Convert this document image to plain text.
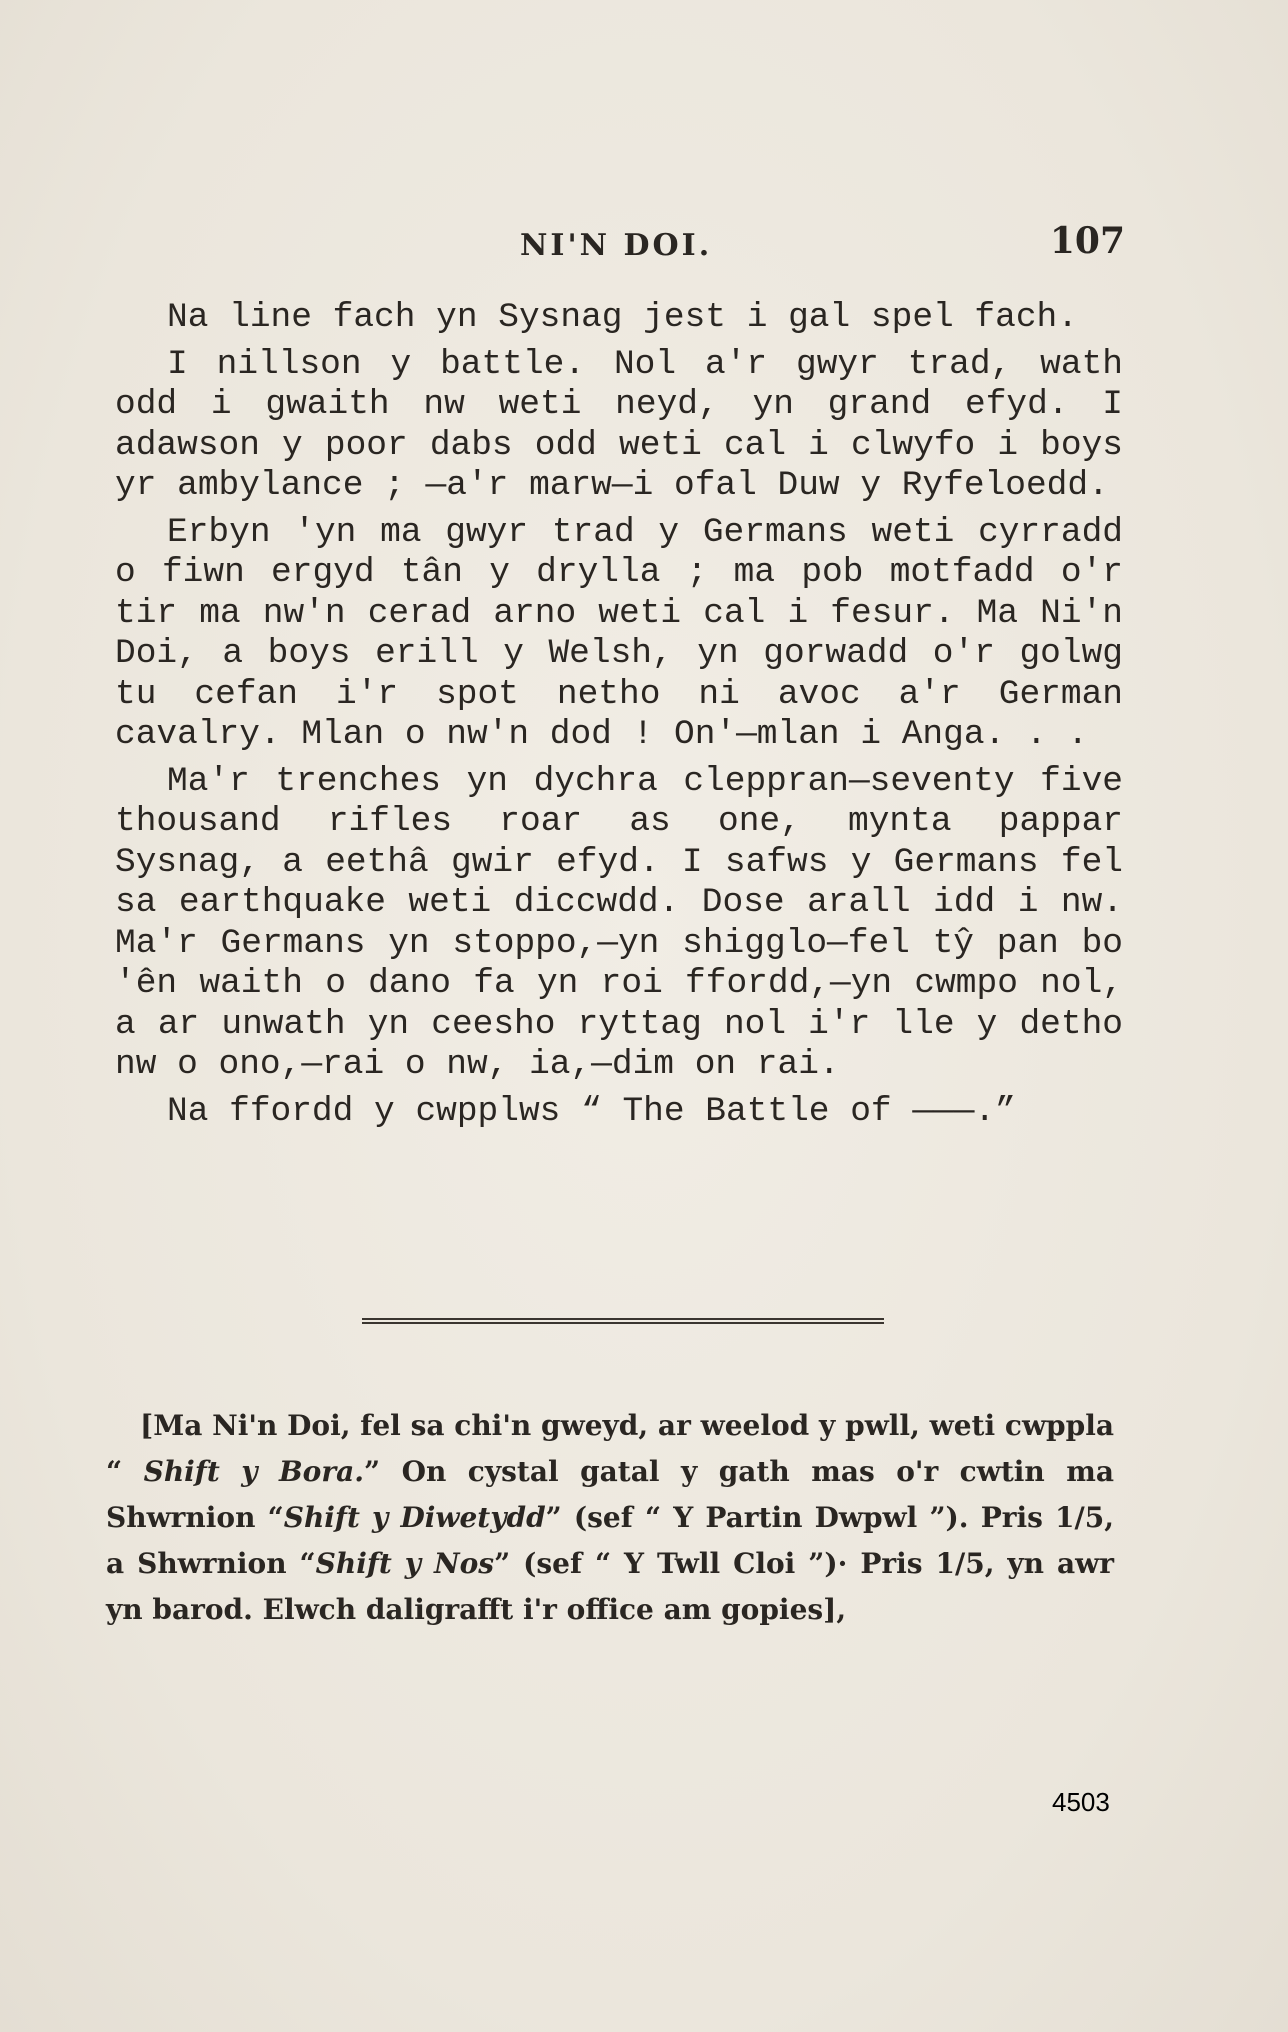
NI'N DOI.	107

Na line fach yn Sysnag jest i gal spel fach.

I nillson y battle. Nol a'r gwyr trad, wath odd i gwaith nw weti neyd, yn grand efyd. I adawson y poor dabs odd weti cal i clwyfo i boys yr ambylance ; —a'r marw—i ofal Duw y Ryfeloedd.

Erbyn 'yn ma gwyr trad y Germans weti cyrradd o fiwn ergyd tân y drylla ; ma pob motfadd o'r tir ma nw'n cerad arno weti cal i fesur. Ma Ni'n Doi, a boys erill y Welsh, yn gorwadd o'r golwg tu cefan i'r spot netho ni avoc a'r German cavalry. Mlan o nw'n dod ! On'—mlan i Anga. . .

Ma'r trenches yn dychra cleppran—seventy five thousand rifles roar as one, mynta pappar Sysnag, a eethâ gwir efyd. I safws y Germans fel sa earthquake weti diccwdd. Dose arall idd i nw. Ma'r Germans yn stoppo,—yn shigglo—fel tŷ pan bo 'ên waith o dano fa yn roi ffordd,—yn cwmpo nol, a ar unwath yn ceesho ryttag nol i'r lle y detho nw o ono,—rai o nw, ia,—dim on rai.

Na ffordd y cwpplws “ The Battle of ———.”

[Ma Ni'n Doi, fel sa chi'n gweyd, ar weelod y pwll, weti cwppla “ Shift y Bora.” On cystal gatal y gath mas o'r cwtin ma Shwrnion “Shift y Diwetydd” (sef “ Y Partin Dwpwl ”). Pris 1/5, a Shwrnion “Shift y Nos” (sef “ Y Twll Cloi ”)· Pris 1/5, yn awr yn barod. Elwch daligrafft i'r office am gopies],

4503
